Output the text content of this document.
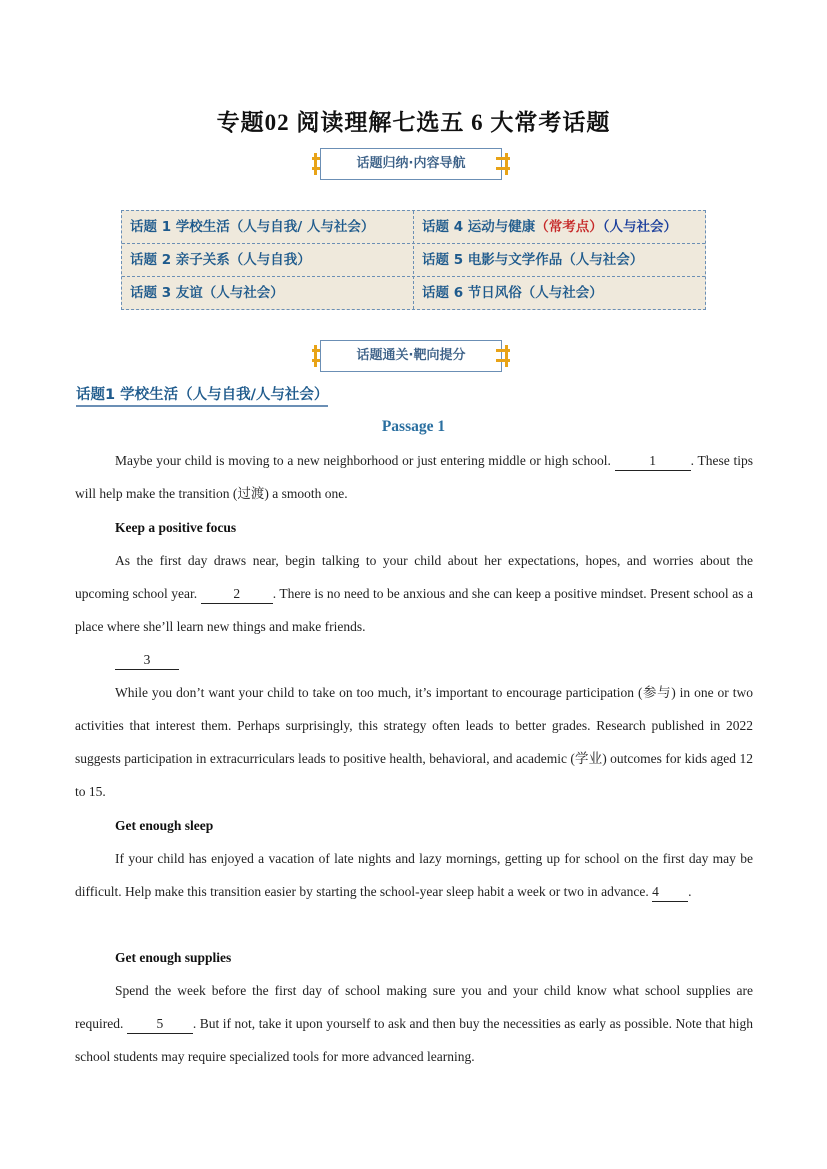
专题02 阅读理解七选五 6 大常考话题
话题归纳·内容导航
话题 1 学校生活（人与自我/ 人与社会）
话题 2 亲子关系（人与自我）
话题 3 友谊（人与社会）
话题 4 运动与健康（常考点）（人与社会）
话题 5 电影与文学作品（人与社会）
话题 6 节日风俗（人与社会）
话题通关·靶向提分
话题1 学校生活（人与自我/人与社会）
Passage 1
Maybe your child is moving to a new neighborhood or just entering middle or high school.	1	. These tips will help make the transition (过渡) a smooth one.
Keep a positive focus
As the first day draws near, begin talking to your child about her expectations, hopes, and worries about the upcoming school year. 2 . There is no need to be anxious and she can keep a positive mindset. Present school as a place where she’ll learn new things and make friends.
3
While you don’t want your child to take on too much, it’s important to encourage participation (参与) in one or two activities that interest them. Perhaps surprisingly, this strategy often leads to better grades. Research published in 2022 suggests participation in extracurriculars leads to positive health, behavioral, and academic (学业) outcomes for kids aged 12 to 15.
Get enough sleep
If your child has enjoyed a vacation of late nights and lazy mornings, getting up for school on the first day may be difficult. Help make this transition easier by starting the school-year sleep habit a week or two in advance. 4 .
Get enough supplies
Spend the week before the first day of school making sure you and your child know what school supplies are required. 5 . But if not, take it upon yourself to ask and then buy the necessities as early as possible. Note that high school students may require specialized tools for more advanced learning.
